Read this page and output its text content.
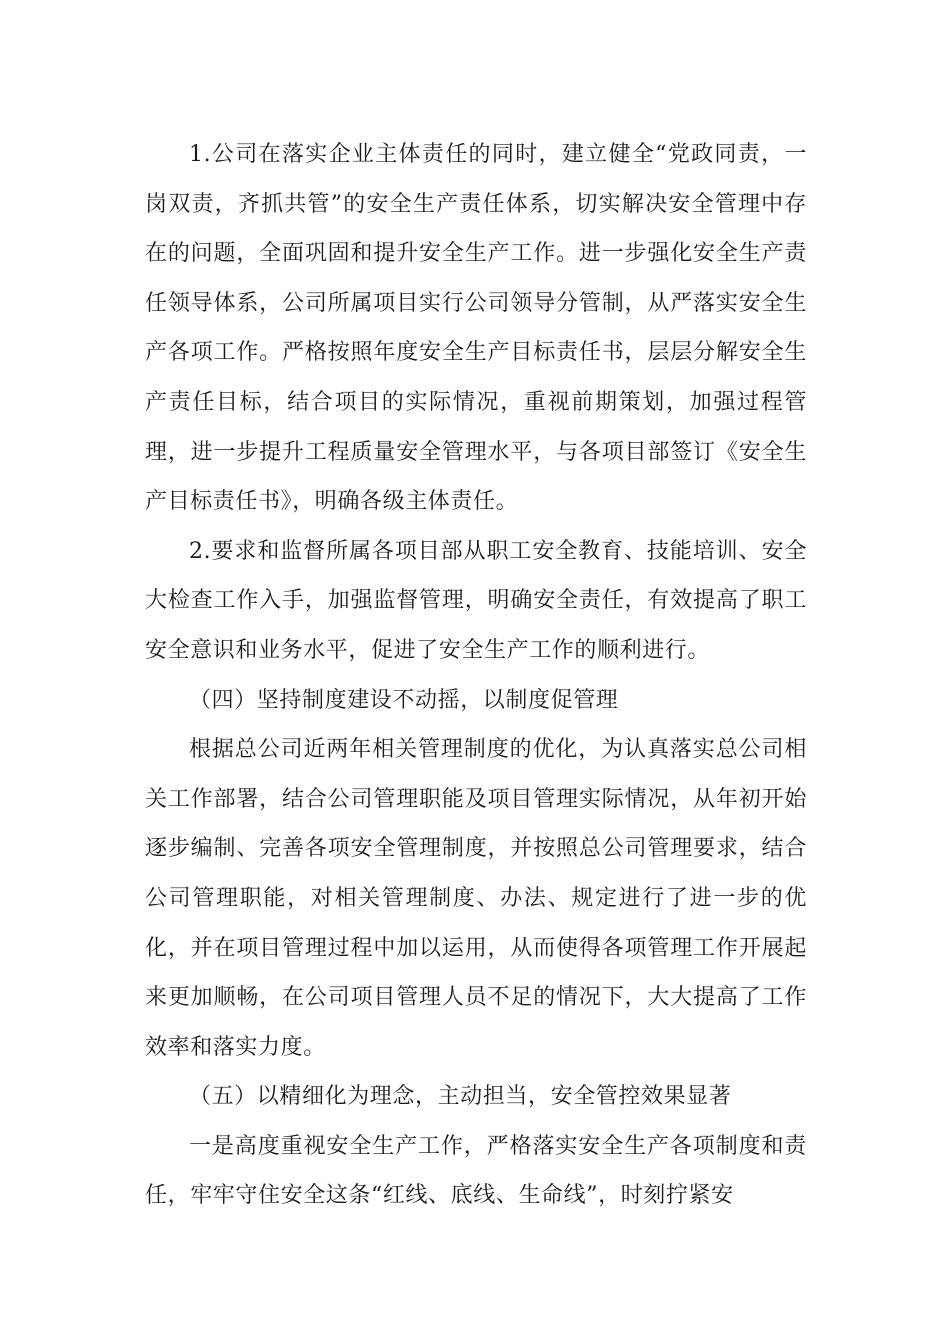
1.公司在落实企业主体责任的同时，建立健全“党政同责，一岗双责，齐抓共管”的安全生产责任体系，切实解决安全管理中存在的问题，全面巩固和提升安全生产工作。进一步强化安全生产责任领导体系，公司所属项目实行公司领导分管制，从严落实安全生产各项工作。严格按照年度安全生产目标责任书，层层分解安全生产责任目标，结合项目的实际情况，重视前期策划，加强过程管理，进一步提升工程质量安全管理水平，与各项目部签订《安全生产目标责任书》，明确各级主体责任。

2.要求和监督所属各项目部从职工安全教育、技能培训、安全大检查工作入手，加强监督管理，明确安全责任，有效提高了职工安全意识和业务水平，促进了安全生产工作的顺利进行。

（四）坚持制度建设不动摇，以制度促管理

根据总公司近两年相关管理制度的优化，为认真落实总公司相关工作部署，结合公司管理职能及项目管理实际情况，从年初开始逐步编制、完善各项安全管理制度，并按照总公司管理要求，结合公司管理职能，对相关管理制度、办法、规定进行了进一步的优化，并在项目管理过程中加以运用，从而使得各项管理工作开展起来更加顺畅，在公司项目管理人员不足的情况下，大大提高了工作效率和落实力度。

（五）以精细化为理念，主动担当，安全管控效果显著

一是高度重视安全生产工作，严格落实安全生产各项制度和责任，牢牢守住安全这条“红线、底线、生命线”，时刻拧紧安
